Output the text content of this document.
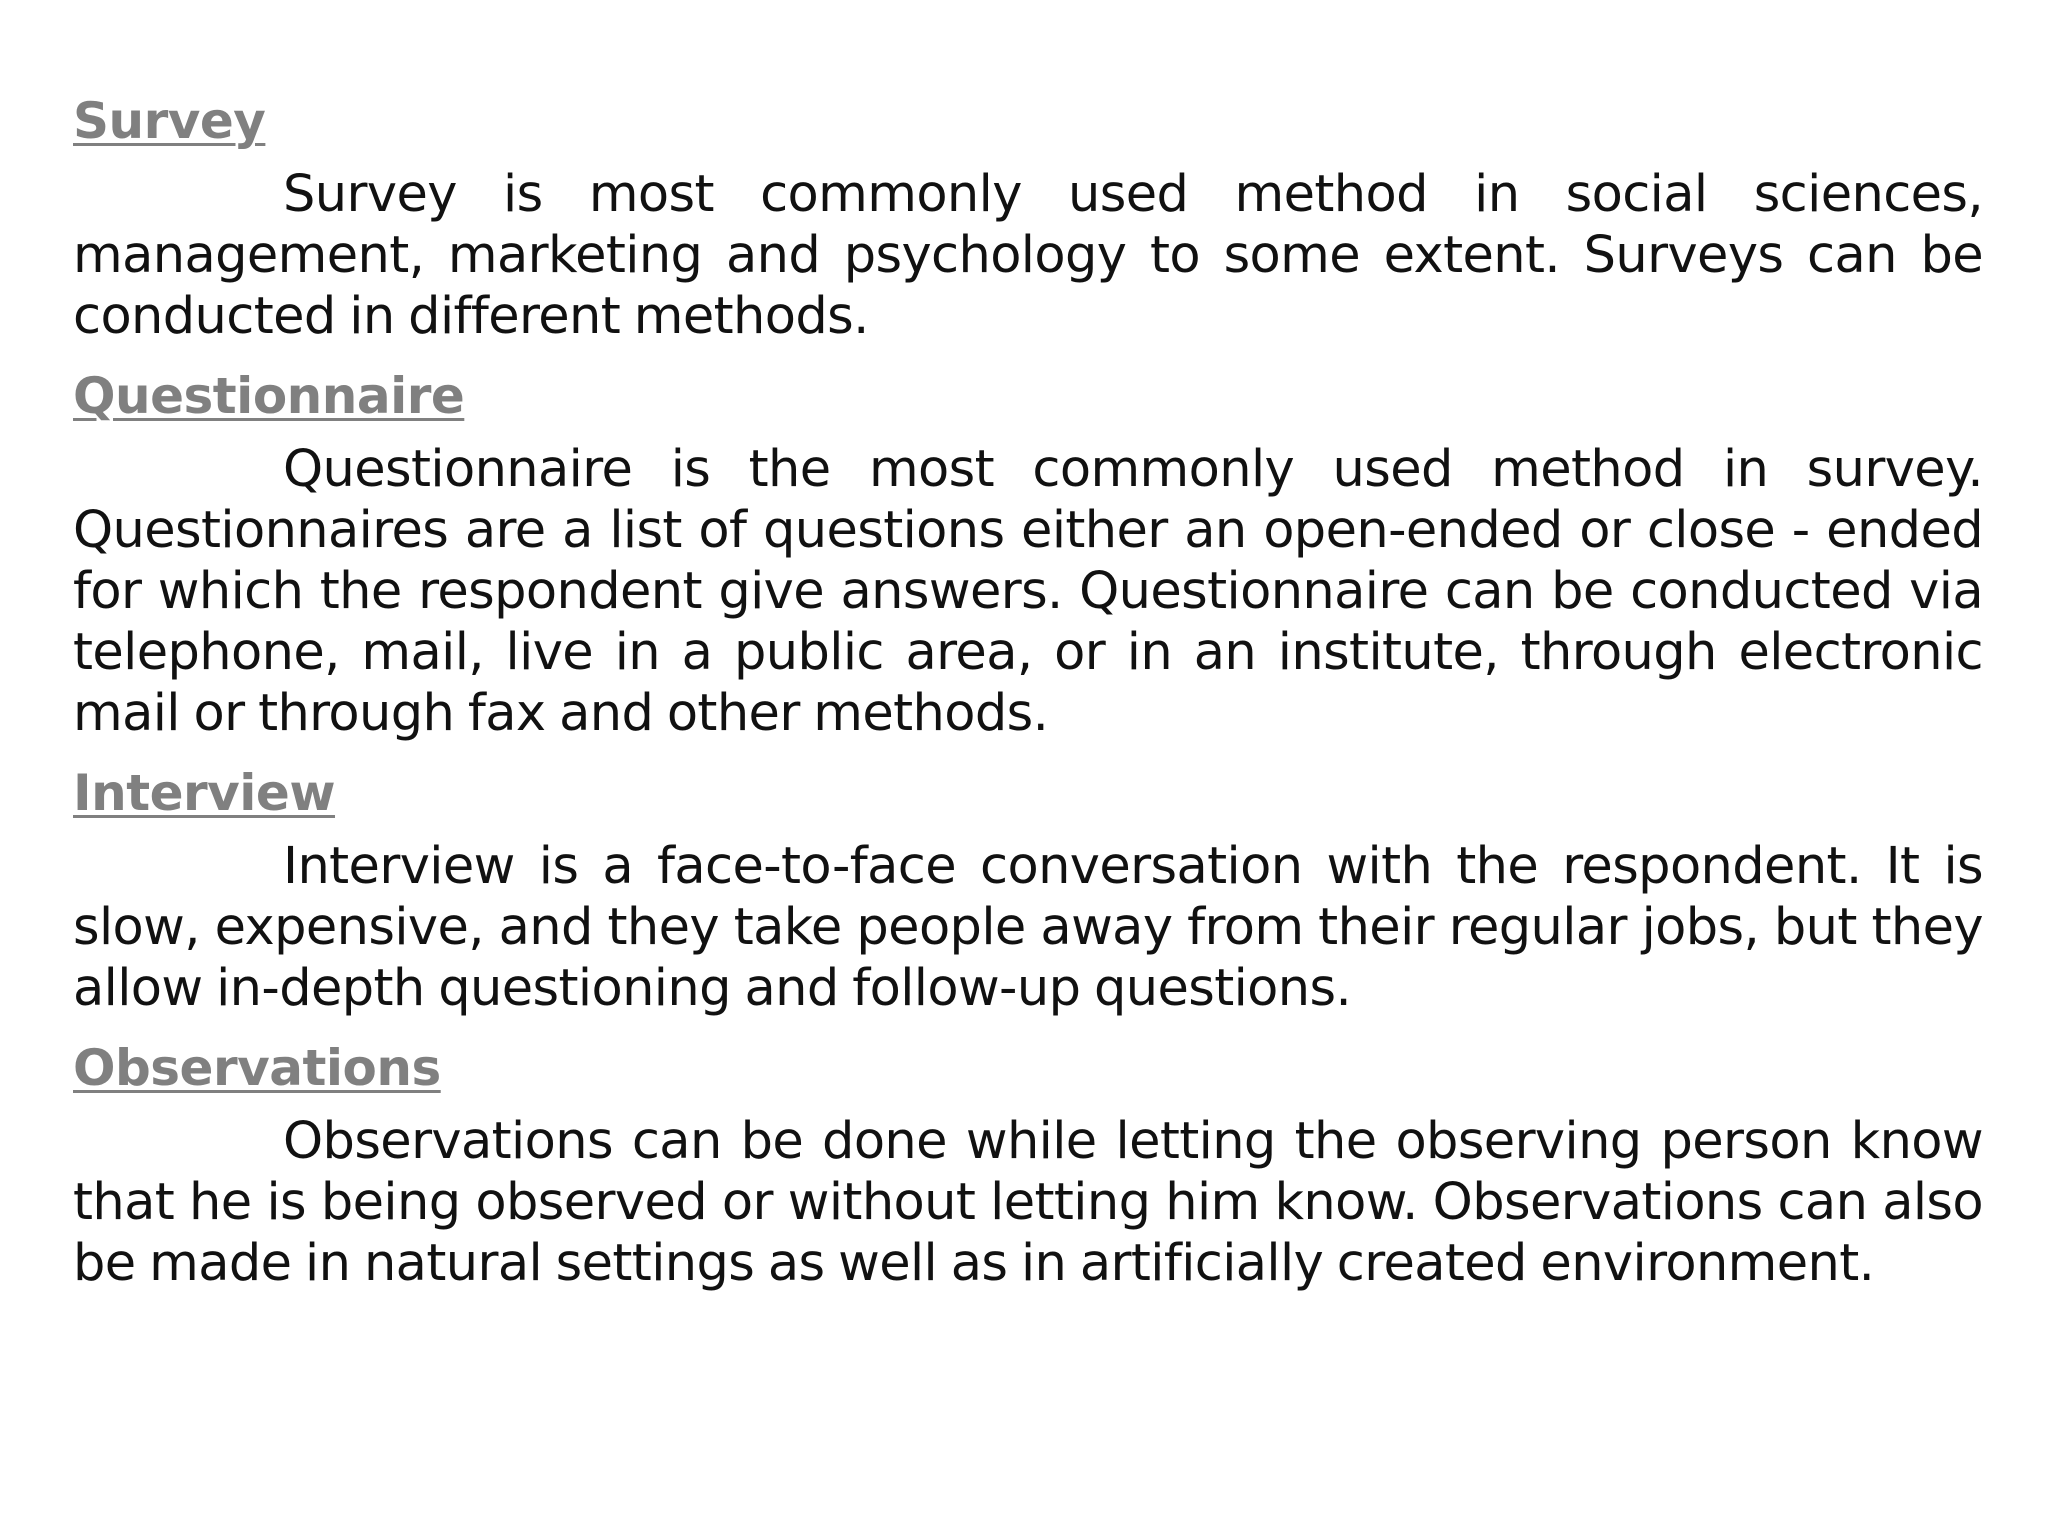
Survey

Survey is most commonly used method in social sciences, management, marketing and psychology to some extent. Surveys can be conducted in different methods.

Questionnaire

Questionnaire is the most commonly used method in survey. Questionnaires are a list of questions either an open-ended or close - ended for which the respondent give answers. Questionnaire can be conducted via telephone, mail, live in a public area, or in an institute, through electronic mail or through fax and other methods.

Interview

Interview is a face-to-face conversation with the respondent. It is slow, expensive, and they take people away from their regular jobs, but they allow in-depth questioning and follow-up questions.

Observations

Observations can be done while letting the observing person know that he is being observed or without letting him know. Observations can also be made in natural settings as well as in artificially created environment.
